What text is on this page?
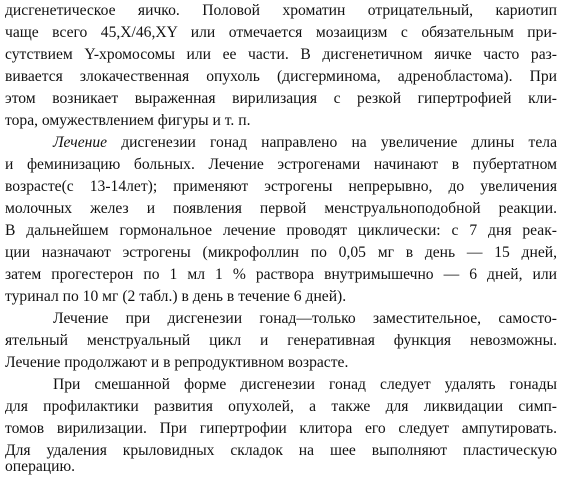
дисгенетическое яичко. Половой хроматин отрицательный, кариотип
чаще всего 45,X/46,XY или отмечается мозаицизм с обязательным при-
сутствием Y-хромосомы или ее части. В дисгенетичном яичке часто раз-
вивается злокачественная опухоль (дисгерминома, адренобластома). При
этом возникает выраженная вирилизация с резкой гипертрофией кли-
тора, омужествлением фигуры и т. п.
Лечение дисгенезии гонад направлено на увеличение длины тела
и феминизацию больных. Лечение эстрогенами начинают в пубертатном
возрасте(с 13-14лет); применяют эстрогены непрерывно, до увеличения
молочных желез и появления первой менструальноподобной реакции.
В дальнейшем гормональное лечение проводят циклически: с 7 дня реак-
ции назначают эстрогены (микрофоллин по 0,05 мг в день — 15 дней,
затем прогестерон по 1 мл 1 % раствора внутримышечно — 6 дней, или
туринал по 10 мг (2 табл.) в день в течение 6 дней).
Лечение при дисгенезии гонад—только заместительное, самосто-
ятельный менструальный цикл и генеративная функция невозможны.
Лечение продолжают и в репродуктивном возрасте.
При смешанной форме дисгенезии гонад следует удалять гонады
для профилактики развития опухолей, а также для ликвидации симп-
томов вирилизации. При гипертрофии клитора его следует ампутировать.
Для удаления крыловидных складок на шее выполняют пластическую
операцию.
